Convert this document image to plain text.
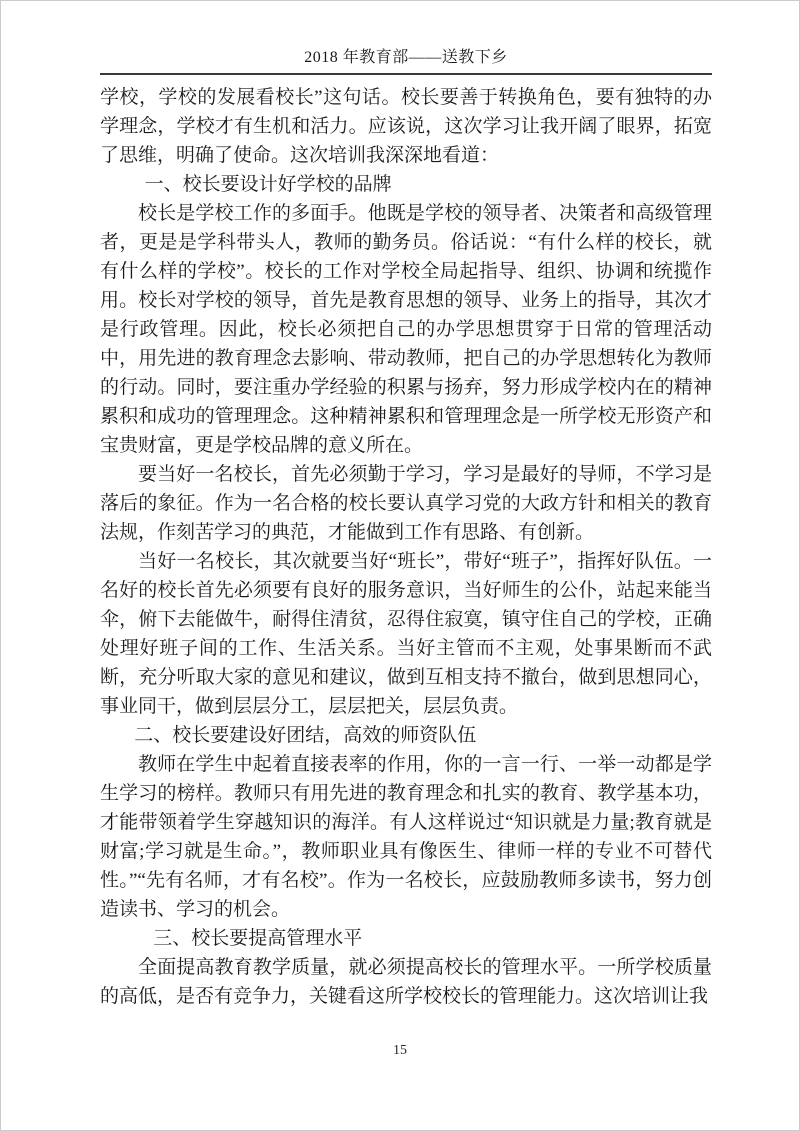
2018 年教育部——送教下乡

学校，学校的发展看校长”这句话。校长要善于转换角色，要有独特的办学理念，学校才有生机和活力。应该说，这次学习让我开阔了眼界，拓宽了思维，明确了使命。这次培训我深深地看道：

一、校长要设计好学校的品牌

校长是学校工作的多面手。他既是学校的领导者、决策者和高级管理者，更是是学科带头人，教师的勤务员。俗话说：“有什么样的校长，就有什么样的学校”。校长的工作对学校全局起指导、组织、协调和统揽作用。校长对学校的领导，首先是教育思想的领导、业务上的指导，其次才是行政管理。因此，校长必须把自己的办学思想贯穿于日常的管理活动中，用先进的教育理念去影响、带动教师，把自己的办学思想转化为教师的行动。同时，要注重办学经验的积累与扬弃，努力形成学校内在的精神累积和成功的管理理念。这种精神累积和管理理念是一所学校无形资产和宝贵财富，更是学校品牌的意义所在。

要当好一名校长，首先必须勤于学习，学习是最好的导师，不学习是落后的象征。作为一名合格的校长要认真学习党的大政方针和相关的教育法规，作刻苦学习的典范，才能做到工作有思路、有创新。

当好一名校长，其次就要当好“班长”，带好“班子”，指挥好队伍。一名好的校长首先必须要有良好的服务意识，当好师生的公仆，站起来能当伞，俯下去能做牛，耐得住清贫，忍得住寂寞，镇守住自己的学校，正确处理好班子间的工作、生活关系。当好主管而不主观，处事果断而不武断，充分听取大家的意见和建议，做到互相支持不撤台，做到思想同心，事业同干，做到层层分工，层层把关，层层负责。

二、校长要建设好团结，高效的师资队伍

教师在学生中起着直接表率的作用，你的一言一行、一举一动都是学生学习的榜样。教师只有用先进的教育理念和扎实的教育、教学基本功，才能带领着学生穿越知识的海洋。有人这样说过“知识就是力量;教育就是财富;学习就是生命。”，教师职业具有像医生、律师一样的专业不可替代性。”“先有名师，才有名校”。作为一名校长，应鼓励教师多读书，努力创造读书、学习的机会。

三、校长要提高管理水平

全面提高教育教学质量，就必须提高校长的管理水平。一所学校质量的高低，是否有竞争力，关键看这所学校校长的管理能力。这次培训让我

15
